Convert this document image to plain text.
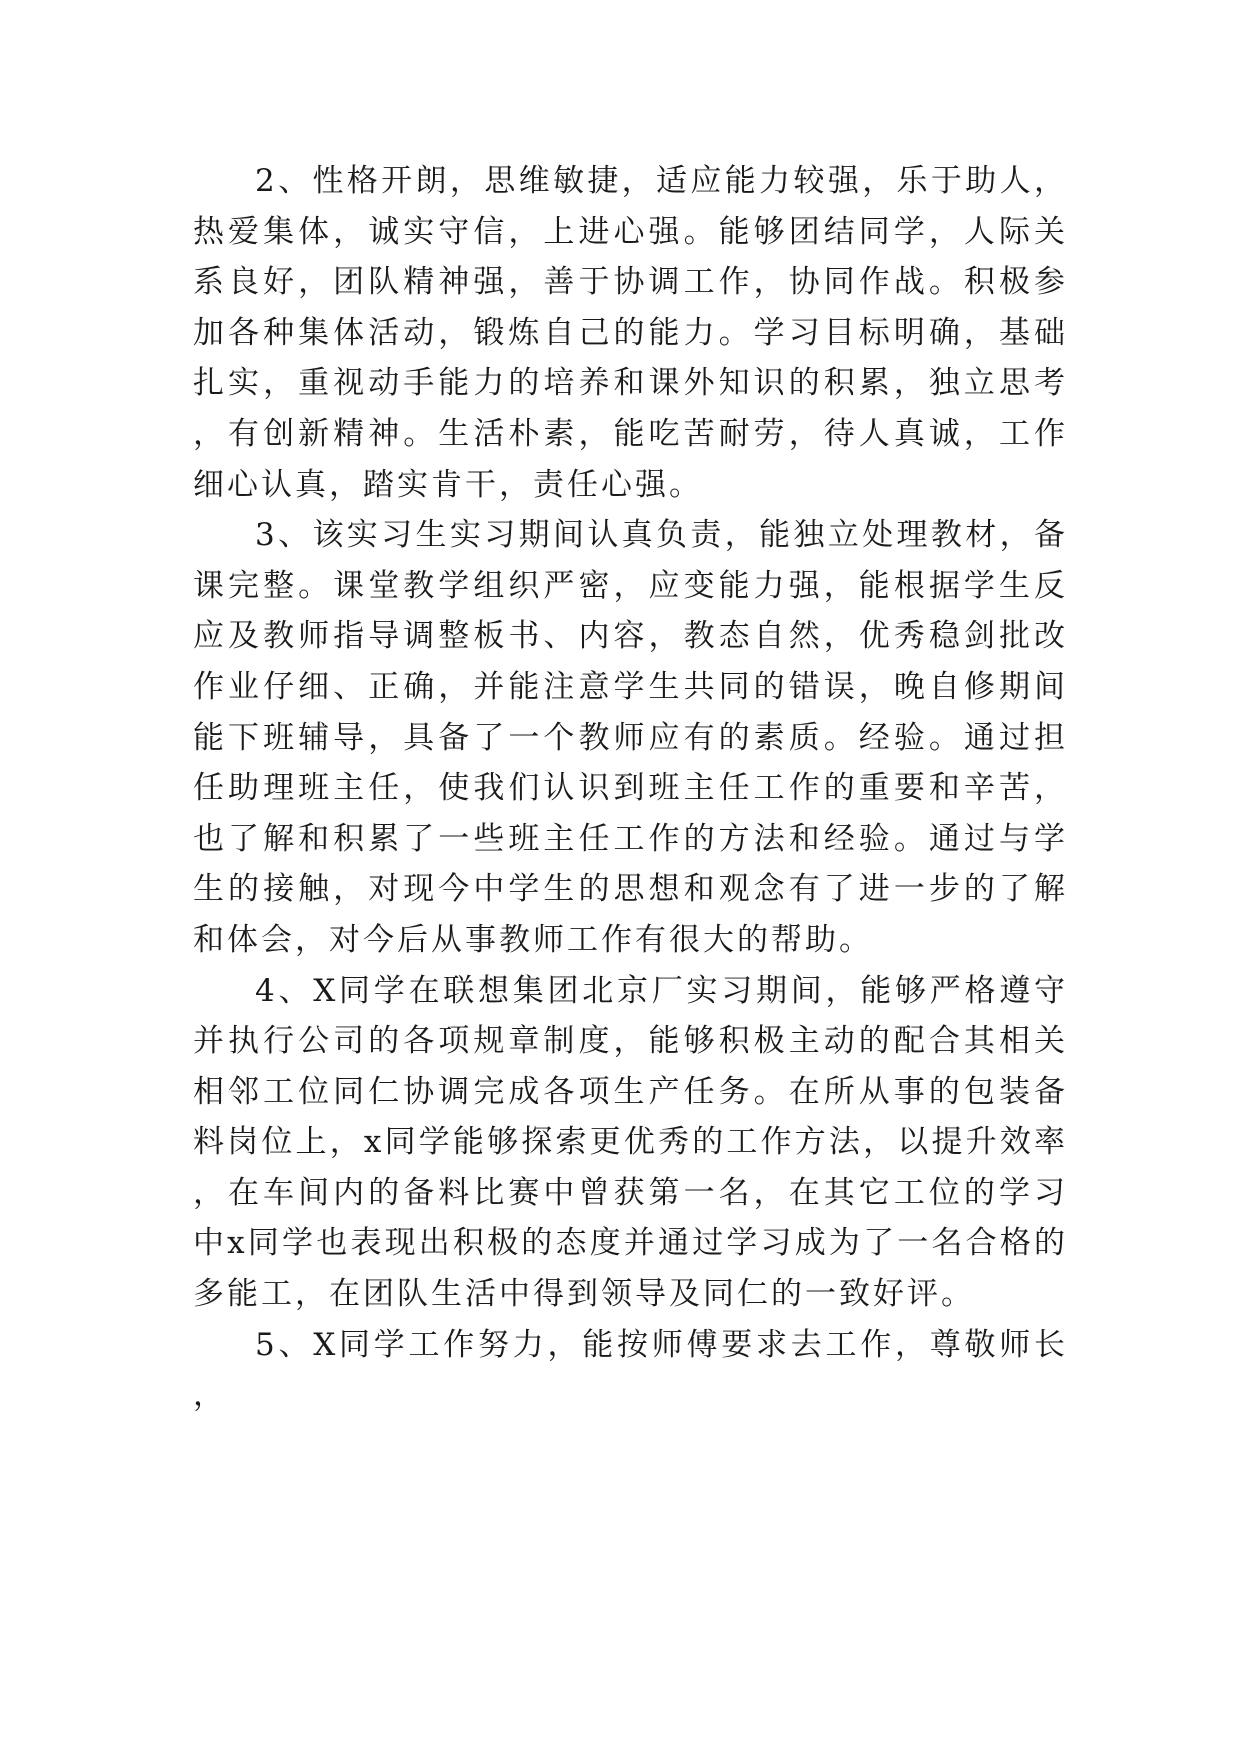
2、性格开朗，思维敏捷，适应能力较强，乐于助人，热爱集体，诚实守信，上进心强。能够团结同学，人际关系良好，团队精神强，善于协调工作，协同作战。积极参加各种集体活动，锻炼自己的能力。学习目标明确，基础扎实，重视动手能力的培养和课外知识的积累，独立思考，有创新精神。生活朴素，能吃苦耐劳，待人真诚，工作细心认真，踏实肯干，责任心强。

3、该实习生实习期间认真负责，能独立处理教材，备课完整。课堂教学组织严密，应变能力强，能根据学生反应及教师指导调整板书、内容，教态自然，优秀稳剑批改作业仔细、正确，并能注意学生共同的错误，晚自修期间能下班辅导，具备了一个教师应有的素质。经验。通过担任助理班主任，使我们认识到班主任工作的重要和辛苦，也了解和积累了一些班主任工作的方法和经验。通过与学生的接触，对现今中学生的思想和观念有了进一步的了解和体会，对今后从事教师工作有很大的帮助。

4、X同学在联想集团北京厂实习期间，能够严格遵守并执行公司的各项规章制度，能够积极主动的配合其相关相邻工位同仁协调完成各项生产任务。在所从事的包装备料岗位上，x同学能够探索更优秀的工作方法，以提升效率，在车间内的备料比赛中曾获第一名，在其它工位的学习中x同学也表现出积极的态度并通过学习成为了一名合格的多能工，在团队生活中得到领导及同仁的一致好评。

5、X同学工作努力，能按师傅要求去工作，尊敬师长，
